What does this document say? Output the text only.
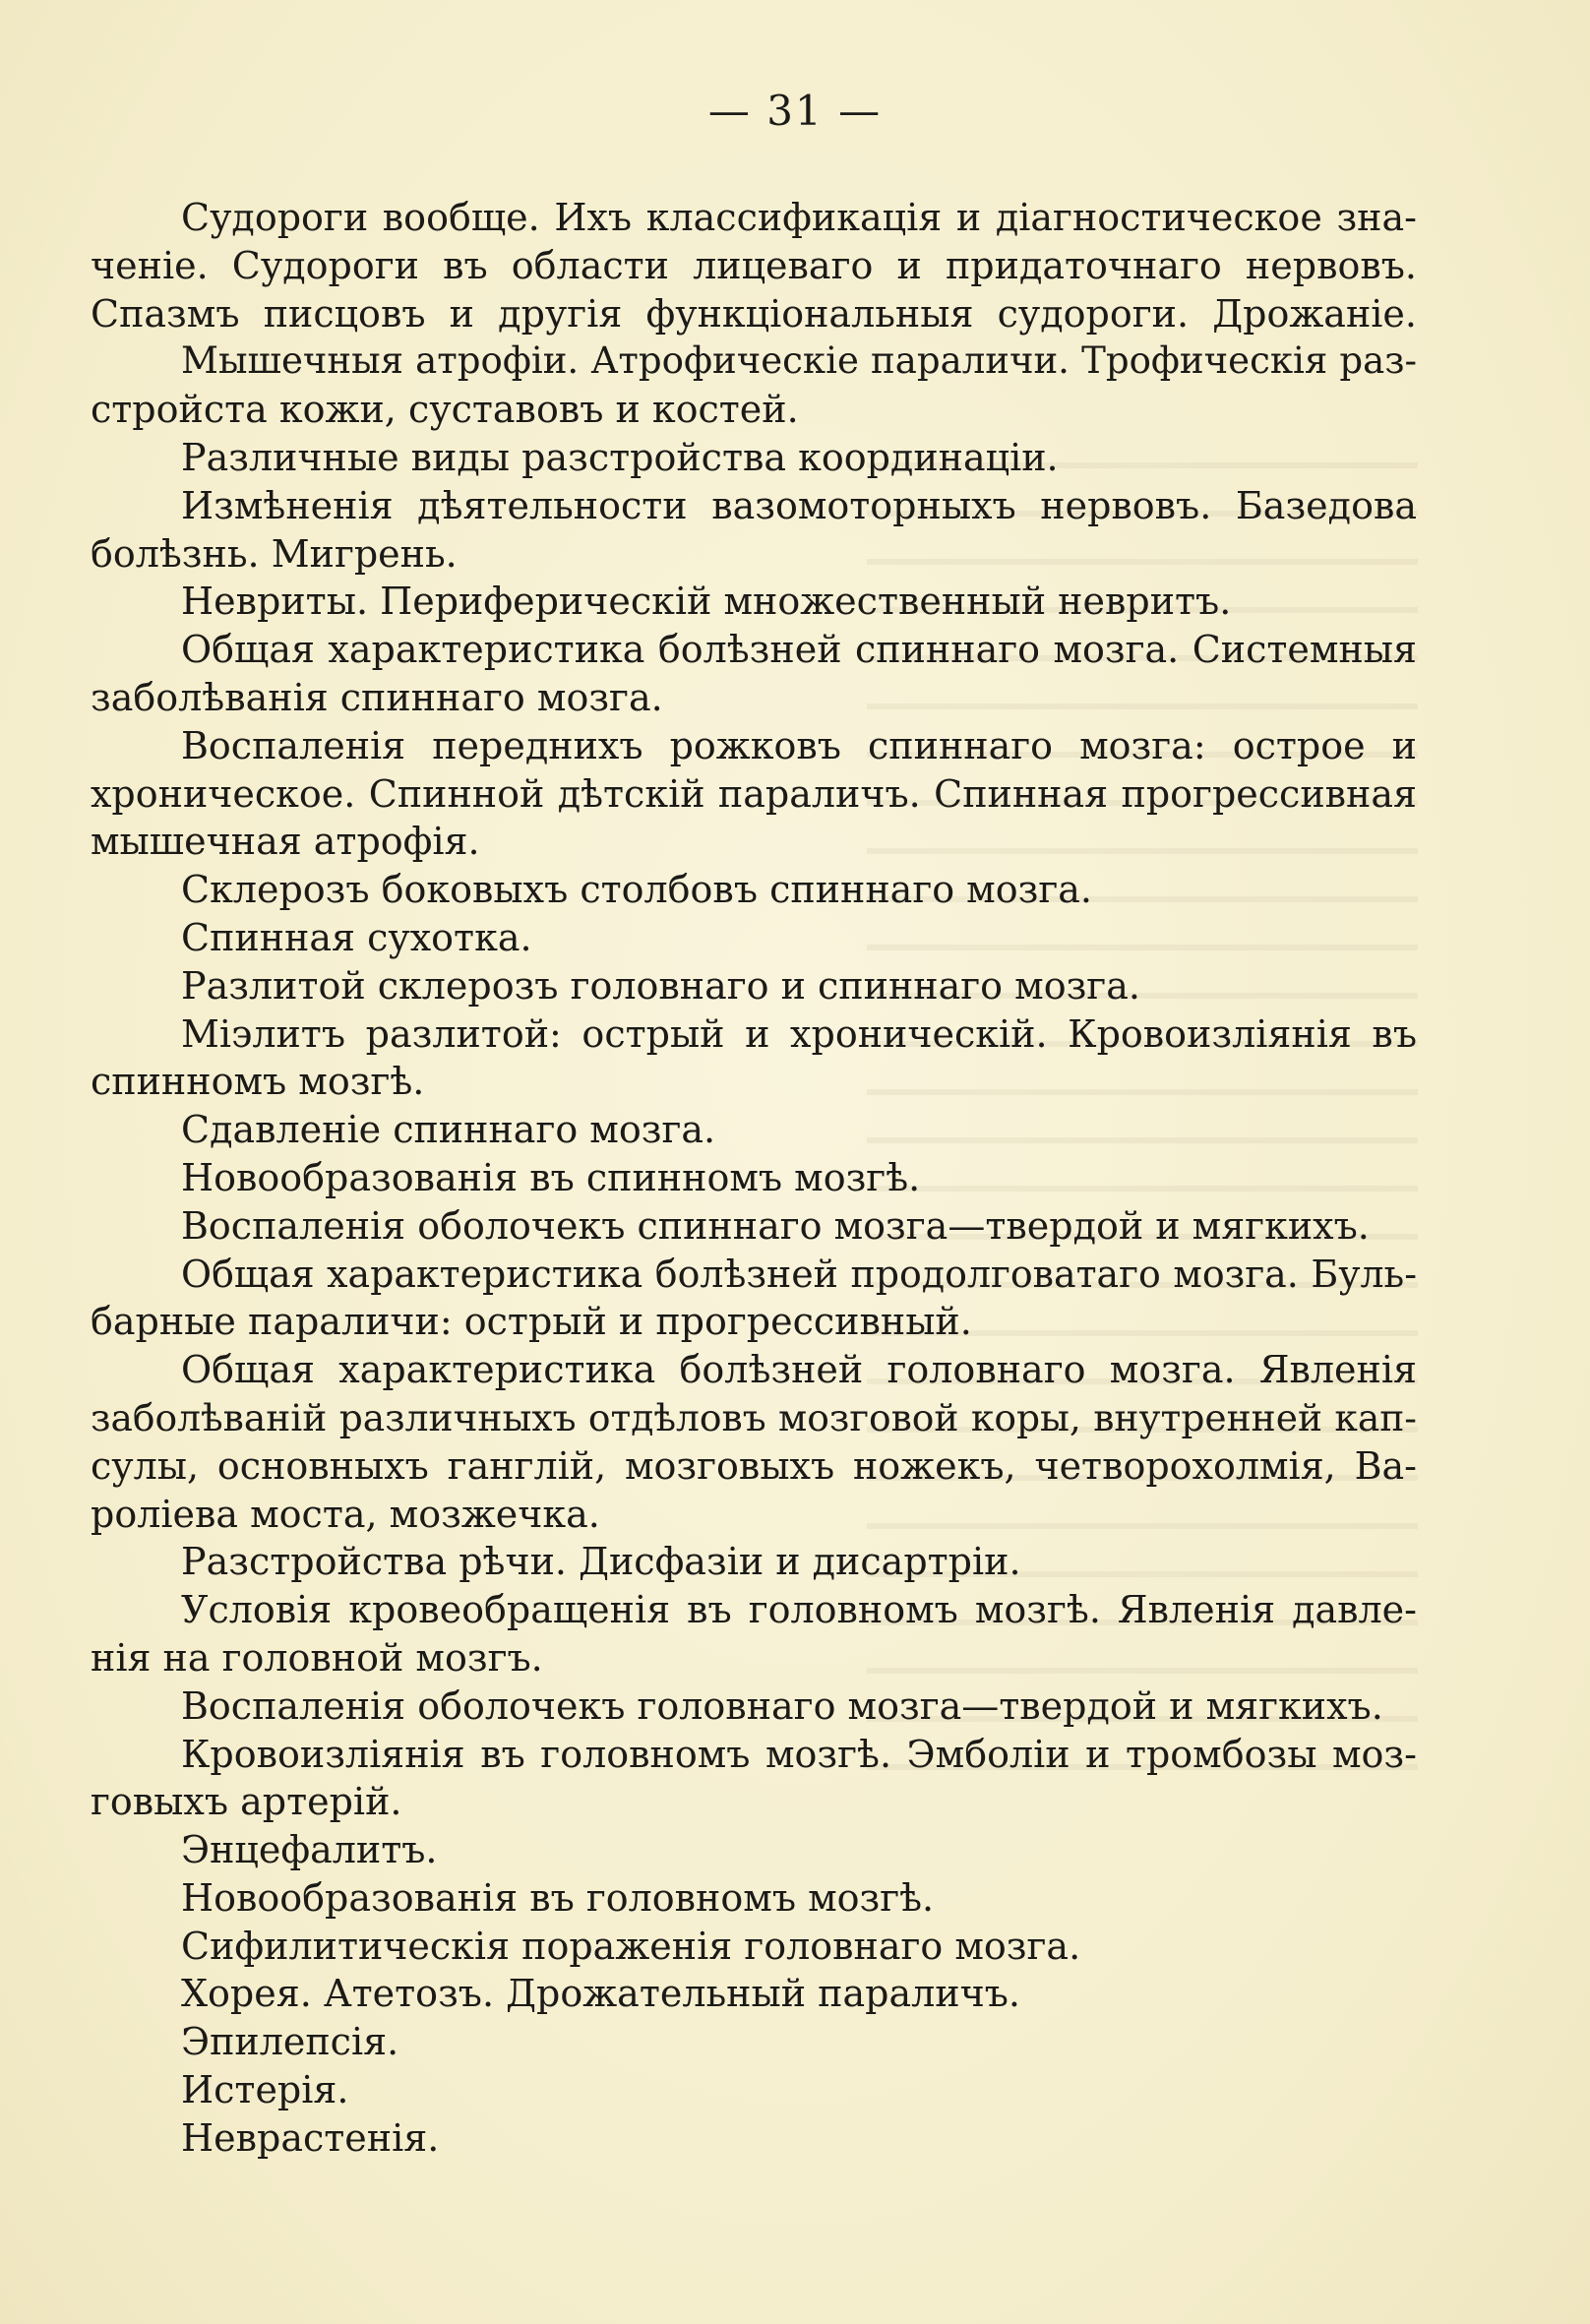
— 31 —
Судороги вообще. Ихъ классификація и діагностическое зна-
ченіе. Судороги въ области лицеваго и придаточнаго нервовъ.
Спазмъ писцовъ и другія функціональныя судороги. Дрожаніе.
Мышечныя атрофіи. Атрофическіе параличи. Трофическія раз-
стройста кожи, суставовъ и костей.
Различные виды разстройства координаціи.
Измѣненія дѣятельности вазомоторныхъ нервовъ. Базедова
болѣзнь. Мигрень.
Невриты. Периферическій множественный невритъ.
Общая характеристика болѣзней спиннаго мозга. Системныя
заболѣванія спиннаго мозга.
Воспаленія переднихъ рожковъ спиннаго мозга: острое и
хроническое. Спинной дѣтскій параличъ. Спинная прогрессивная
мышечная атрофія.
Склерозъ боковыхъ столбовъ спиннаго мозга.
Спинная сухотка.
Разлитой склерозъ головнаго и спиннаго мозга.
Міэлитъ разлитой: острый и хроническій. Кровоизліянія въ
спинномъ мозгѣ.
Сдавленіе спиннаго мозга.
Новообразованія въ спинномъ мозгѣ.
Воспаленія оболочекъ спиннаго мозга—твердой и мягкихъ.
Общая характеристика болѣзней продолговатаго мозга. Буль-
барные параличи: острый и прогрессивный.
Общая характеристика болѣзней головнаго мозга. Явленія
заболѣваній различныхъ отдѣловъ мозговой коры, внутренней кап-
сулы, основныхъ ганглій, мозговыхъ ножекъ, четворохолмія, Ва-
роліева моста, мозжечка.
Разстройства рѣчи. Дисфазіи и дисартріи.
Условія кровеобращенія въ головномъ мозгѣ. Явленія давле-
нія на головной мозгъ.
Воспаленія оболочекъ головнаго мозга—твердой и мягкихъ.
Кровоизліянія въ головномъ мозгѣ. Эмболіи и тромбозы моз-
говыхъ артерій.
Энцефалитъ.
Новообразованія въ головномъ мозгѣ.
Сифилитическія пораженія головнаго мозга.
Хорея. Атетозъ. Дрожательный параличъ.
Эпилепсія.
Истерія.
Неврастенія.
